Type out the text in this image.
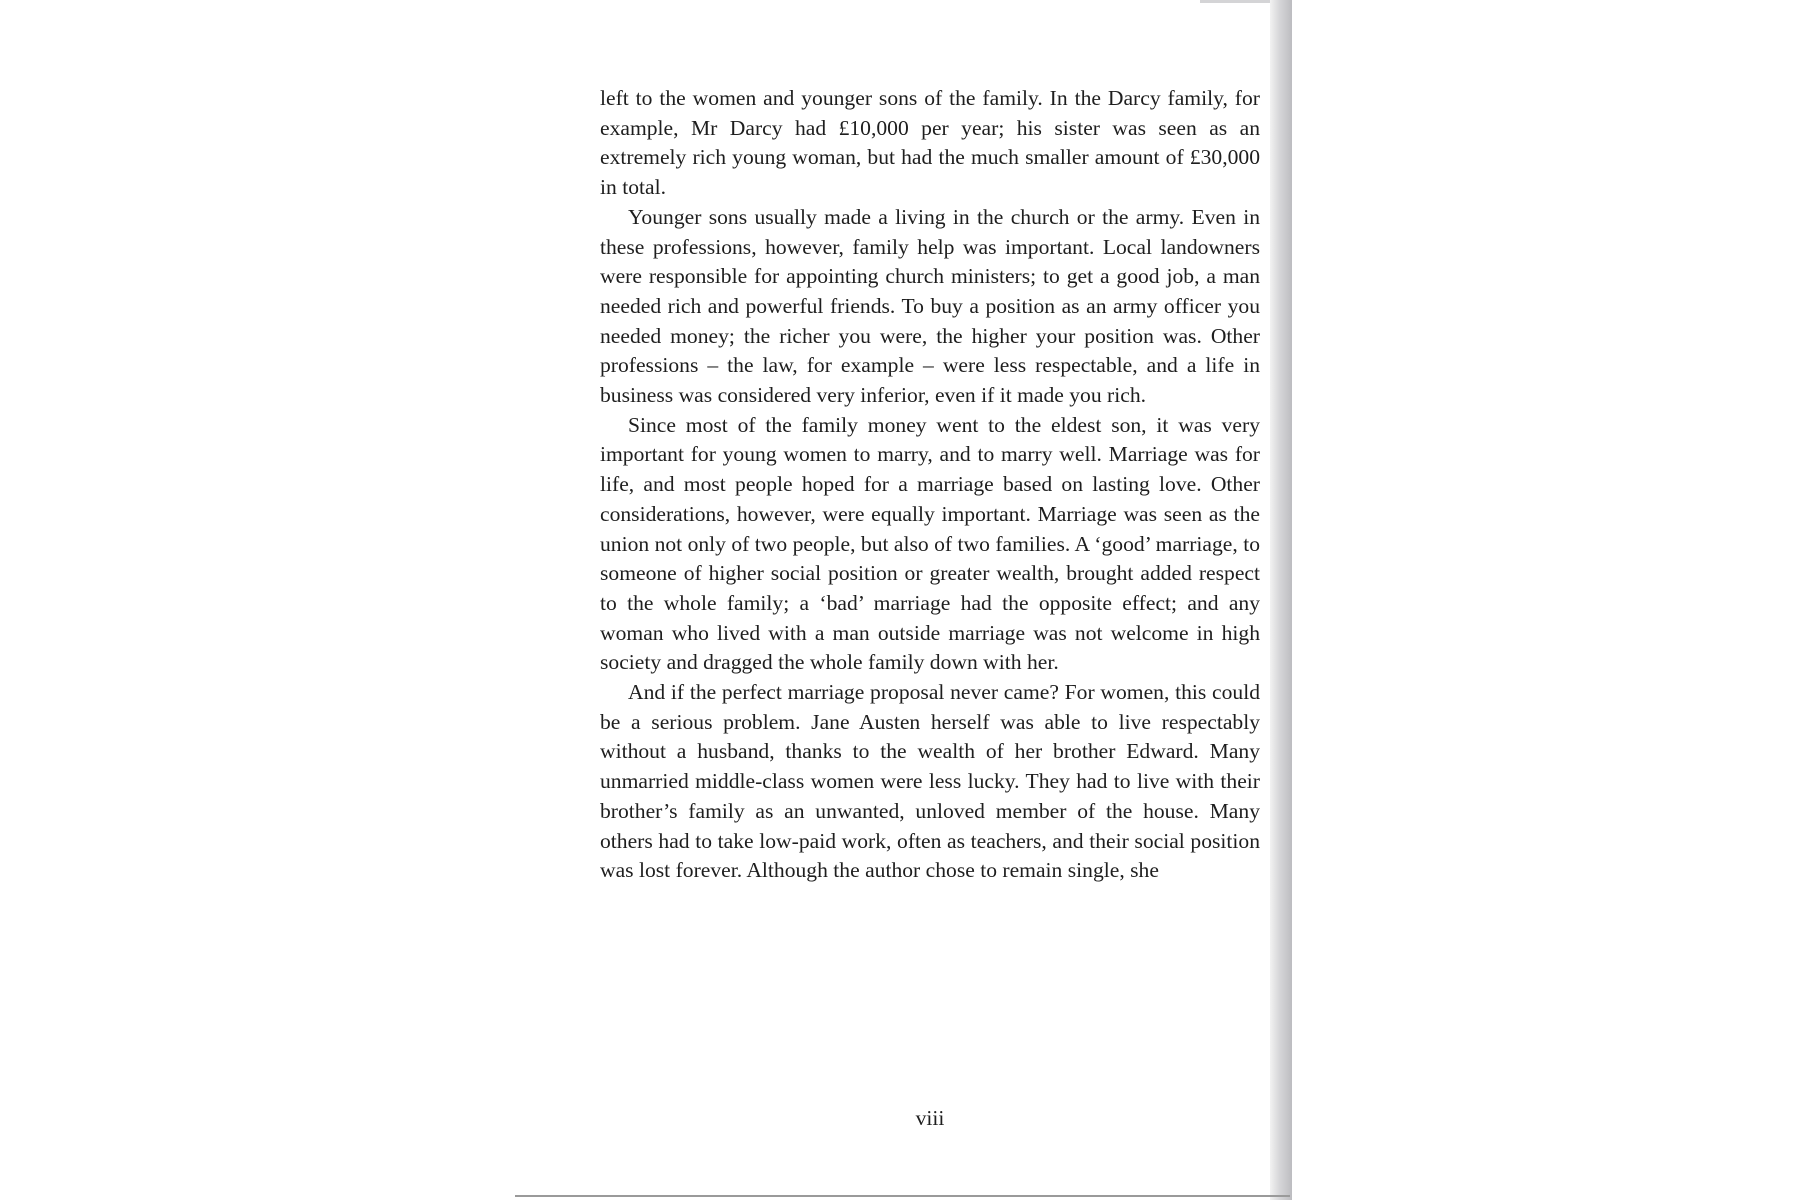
left to the women and younger sons of the family. In the Darcy family, for example, Mr Darcy had £10,000 per year; his sister was seen as an extremely rich young woman, but had the much smaller amount of £30,000 in total.

Younger sons usually made a living in the church or the army. Even in these professions, however, family help was important. Local landowners were responsible for appointing church ministers; to get a good job, a man needed rich and powerful friends. To buy a position as an army officer you needed money; the richer you were, the higher your position was. Other professions – the law, for example – were less respectable, and a life in business was considered very inferior, even if it made you rich.

Since most of the family money went to the eldest son, it was very important for young women to marry, and to marry well. Marriage was for life, and most people hoped for a marriage based on lasting love. Other considerations, however, were equally important. Marriage was seen as the union not only of two people, but also of two families. A ‘good’ marriage, to someone of higher social position or greater wealth, brought added respect to the whole family; a ‘bad’ marriage had the opposite effect; and any woman who lived with a man outside marriage was not welcome in high society and dragged the whole family down with her.

And if the perfect marriage proposal never came? For women, this could be a serious problem. Jane Austen herself was able to live respectably without a husband, thanks to the wealth of her brother Edward. Many unmarried middle-class women were less lucky. They had to live with their brother’s family as an unwanted, unloved member of the house. Many others had to take low-paid work, often as teachers, and their social position was lost forever. Although the author chose to remain single, she

viii
